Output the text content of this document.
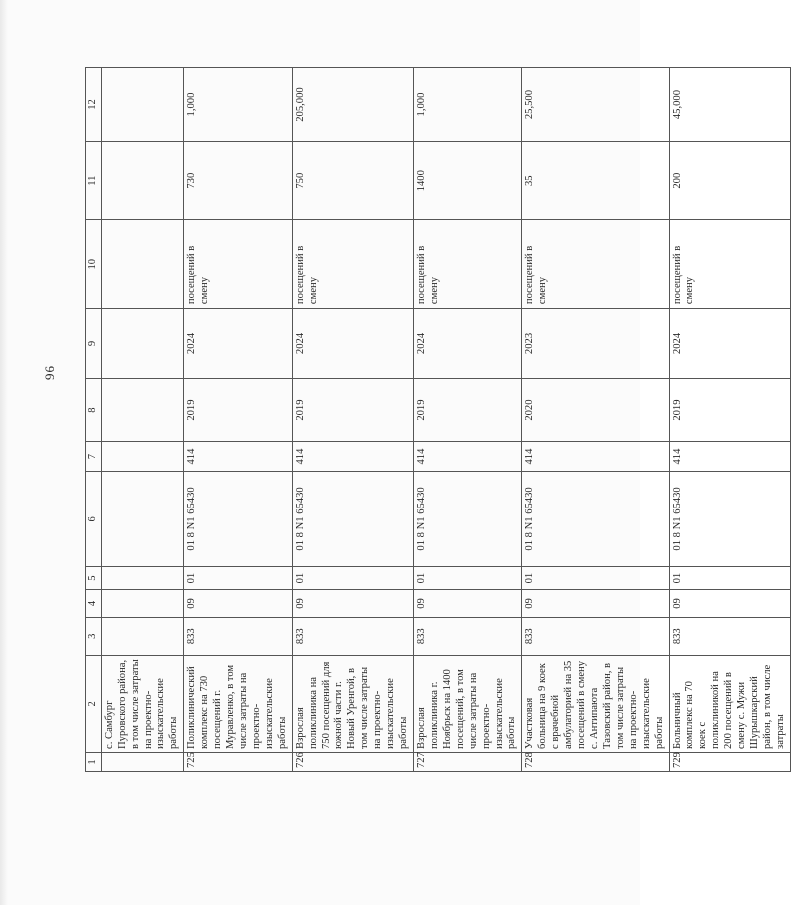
96
1	2	3	4	5	6	7	8	9	10	11	12
	с. Самбург Пуровского района, в том числе затраты на проектно-изыскательские работы										
725	Поликлинический комплекс на 730 посещений г. Муравленко, в том числе затраты на проектно-изыскательские работы	833	09	01	01 8 N1 65430	414	2019	2024	посещений в смену	730	1,000
726	Взрослая поликлиника на 750 посещений для южной части г. Новый Уренгой, в том числе затраты на проектно-изыскательские работы	833	09	01	01 8 N1 65430	414	2019	2024	посещений в смену	750	205,000
727	Взрослая поликлиника г. Ноябрьск на 1400 посещений, в том числе затраты на проектно-изыскательские работы	833	09	01	01 8 N1 65430	414	2019	2024	посещений в смену	1400	1,000
728	Участковая больница на 9 коек с врачебной амбулаторией на 35 посещений в смену с. Антипаюта Тазовский район, в том числе затраты на проектно-изыскательские работы	833	09	01	01 8 N1 65430	414	2020	2023	посещений в смену	35	25,500
729	Больничный комплекс на 70 коек с поликлиникой на 200 посещений в смену с. Мужи Шурышкарский район, в том числе затраты	833	09	01	01 8 N1 65430	414	2019	2024	посещений в смену	200	45,000
